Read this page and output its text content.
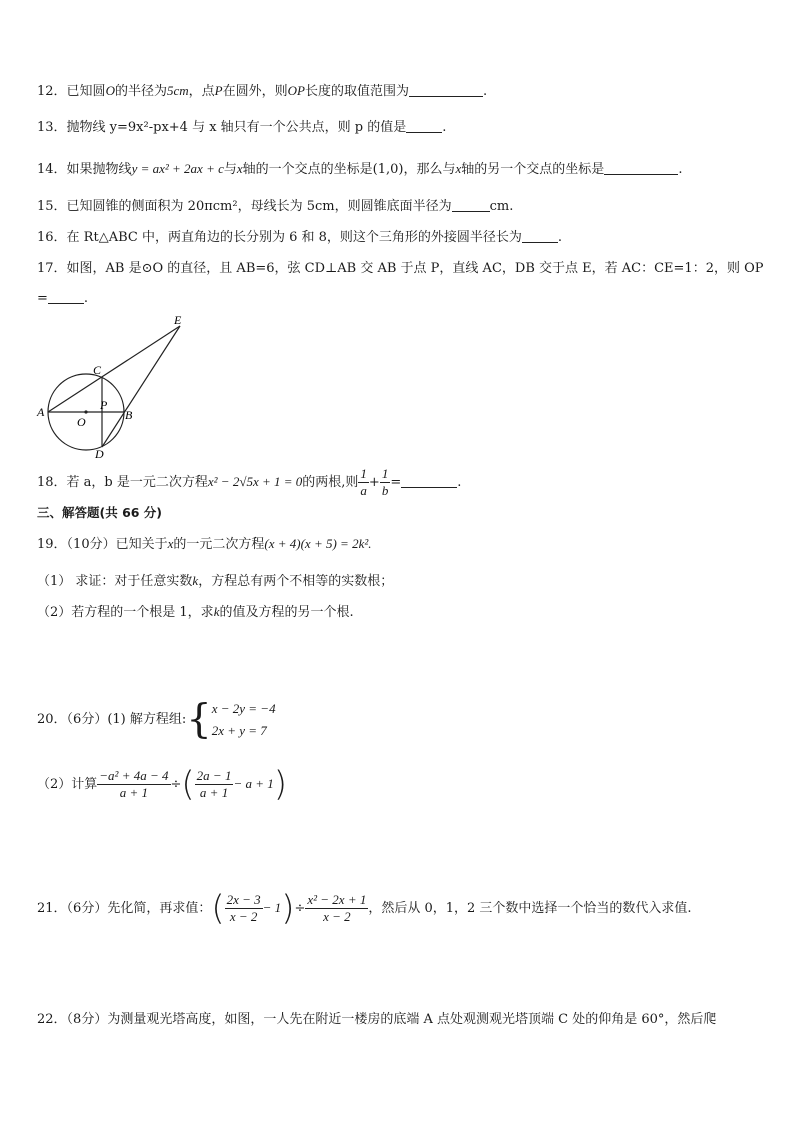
12．已知圆O的半径为5cm，点P在圆外，则OP长度的取值范围为	.
13．抛物线 y=9x²-px+4 与 x 轴只有一个公共点，则 p 的值是	.
14．如果抛物线y = ax² + 2ax + c与x轴的一个交点的坐标是(1,0)，那么与x轴的另一个交点的坐标是	.
15．已知圆锥的侧面积为 20πcm²，母线长为 5cm，则圆锥底面半径为	cm.
16．在 Rt△ABC 中，两直角边的长分别为 6 和 8，则这个三角形的外接圆半径长为	.
17．如图，AB 是⊙O 的直径，且 AB=6，弦 CD⊥AB 交 AB 于点 P，直线 AC，DB 交于点 E，若 AC：CE=1：2，则 OP
=	.
E
C
P
A	B
O
D
18．若 a，b 是一元二次方程x² − 2√5x + 1 = 0的两根,则 $\frac{1}{a} + \frac{1}{b}$ =	.
三、解答题(共 66 分)
19．（10分）已知关于x的一元二次方程(x + 4)(x + 5) = 2k².
（1） 求证：对于任意实数k，方程总有两个不相等的实数根；
（2）若方程的一个根是 1，求k的值及方程的另一个根.
20．（6分）(1) 解方程组:{ x − 2y = −4
2x + y = 7
（2）计算 $\frac{\text{−a² + 4a − 4}}{a + 1}$ ÷( $\frac{2a - 1}{a + 1} - a + 1$)
21．（6分）先化简，再求值：( $\frac{2x - 3}{x - 2} - 1)\div \frac{\text{x² − 2x + 1}}{x - 2}$ ，然后从 0，1，2 三个数中选择一个恰当的数代入求值.
22．（8分）为测量观光塔高度，如图，一人先在附近一楼房的底端 A 点处观测观光塔顶端 C 处的仰角是 60°，然后爬
